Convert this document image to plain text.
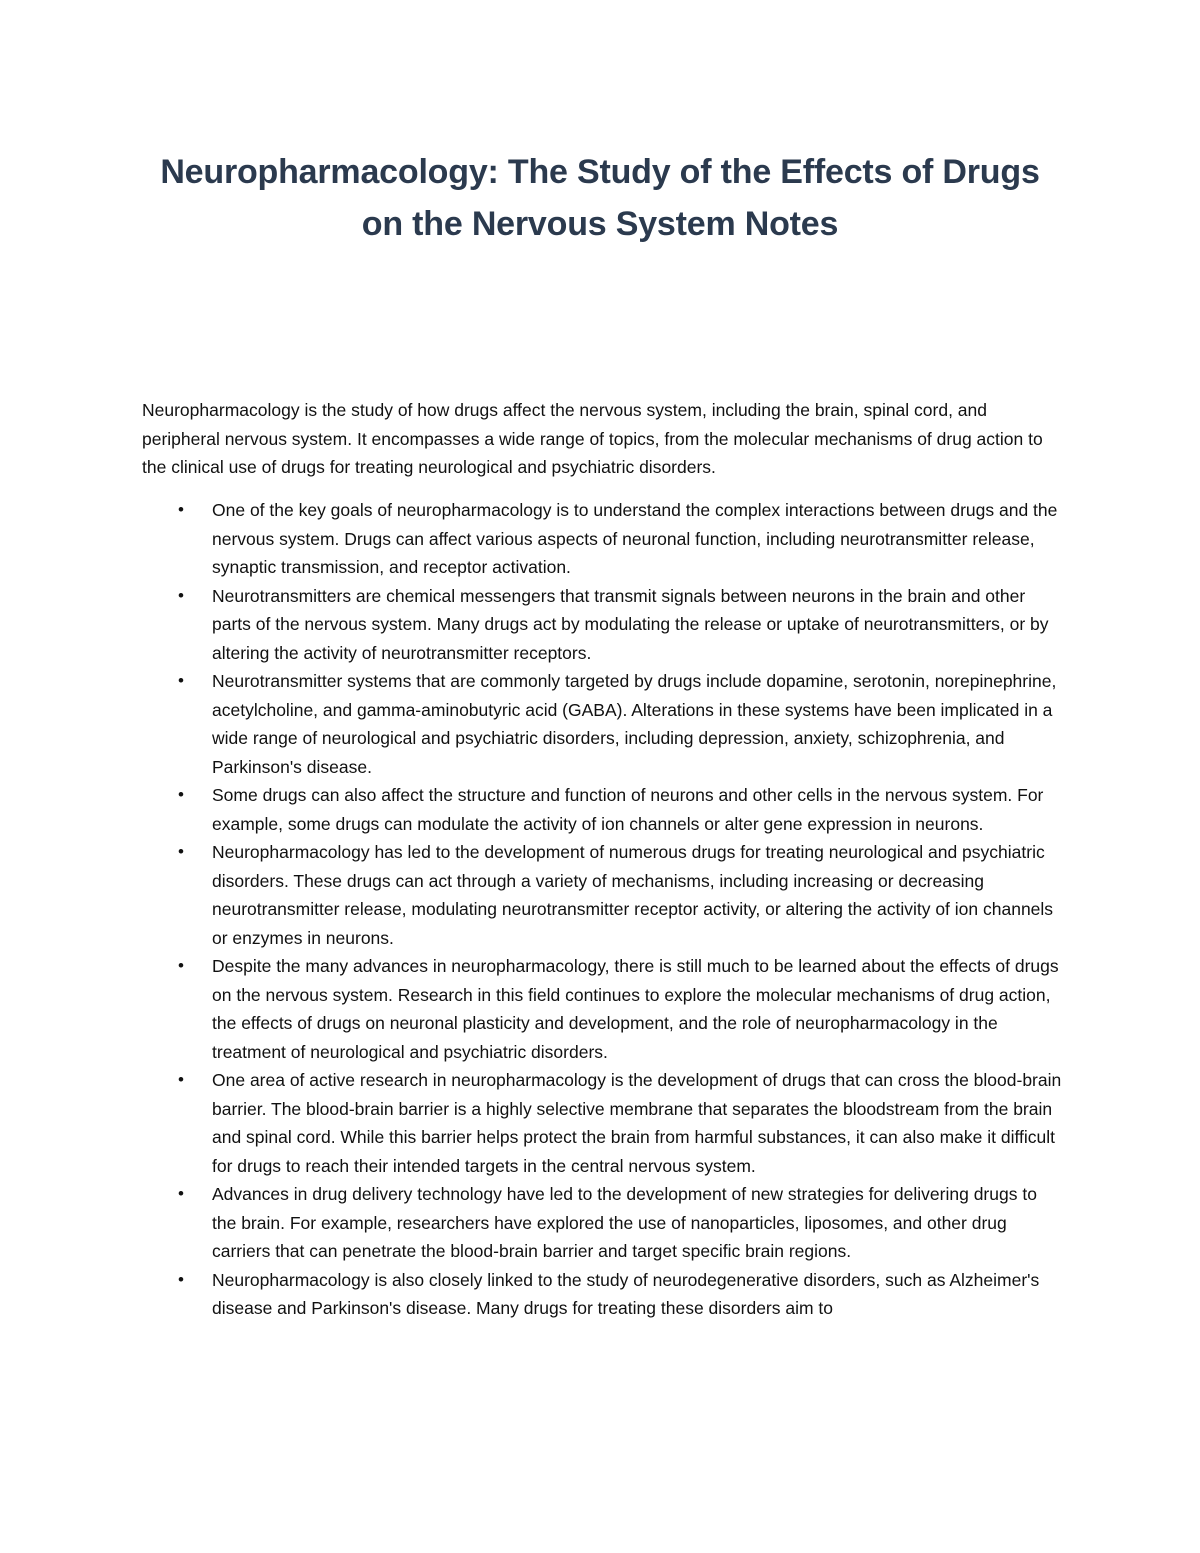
Neuropharmacology: The Study of the Effects of Drugs on the Nervous System Notes

Neuropharmacology is the study of how drugs affect the nervous system, including the brain, spinal cord, and peripheral nervous system. It encompasses a wide range of topics, from the molecular mechanisms of drug action to the clinical use of drugs for treating neurological and psychiatric disorders.

• One of the key goals of neuropharmacology is to understand the complex interactions between drugs and the nervous system. Drugs can affect various aspects of neuronal function, including neurotransmitter release, synaptic transmission, and receptor activation.
• Neurotransmitters are chemical messengers that transmit signals between neurons in the brain and other parts of the nervous system. Many drugs act by modulating the release or uptake of neurotransmitters, or by altering the activity of neurotransmitter receptors.
• Neurotransmitter systems that are commonly targeted by drugs include dopamine, serotonin, norepinephrine, acetylcholine, and gamma-aminobutyric acid (GABA). Alterations in these systems have been implicated in a wide range of neurological and psychiatric disorders, including depression, anxiety, schizophrenia, and Parkinson's disease.
• Some drugs can also affect the structure and function of neurons and other cells in the nervous system. For example, some drugs can modulate the activity of ion channels or alter gene expression in neurons.
• Neuropharmacology has led to the development of numerous drugs for treating neurological and psychiatric disorders. These drugs can act through a variety of mechanisms, including increasing or decreasing neurotransmitter release, modulating neurotransmitter receptor activity, or altering the activity of ion channels or enzymes in neurons.
• Despite the many advances in neuropharmacology, there is still much to be learned about the effects of drugs on the nervous system. Research in this field continues to explore the molecular mechanisms of drug action, the effects of drugs on neuronal plasticity and development, and the role of neuropharmacology in the treatment of neurological and psychiatric disorders.
• One area of active research in neuropharmacology is the development of drugs that can cross the blood-brain barrier. The blood-brain barrier is a highly selective membrane that separates the bloodstream from the brain and spinal cord. While this barrier helps protect the brain from harmful substances, it can also make it difficult for drugs to reach their intended targets in the central nervous system.
• Advances in drug delivery technology have led to the development of new strategies for delivering drugs to the brain. For example, researchers have explored the use of nanoparticles, liposomes, and other drug carriers that can penetrate the blood-brain barrier and target specific brain regions.
• Neuropharmacology is also closely linked to the study of neurodegenerative disorders, such as Alzheimer's disease and Parkinson's disease. Many drugs for treating these disorders aim to
